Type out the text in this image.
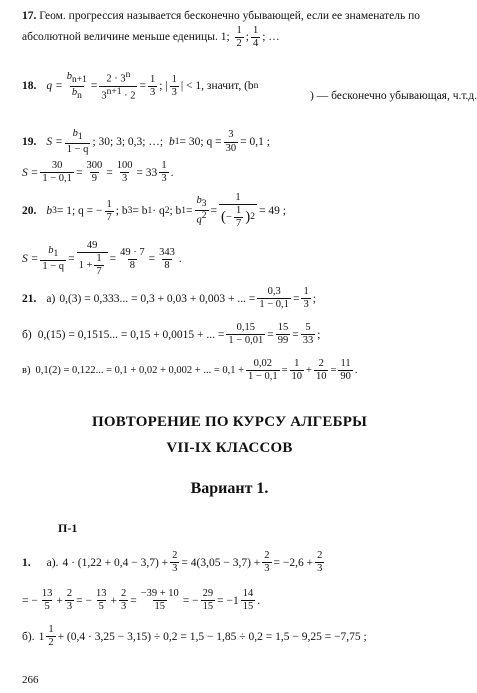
17. Геом. прогрессия называется бесконечно убывающей, если ее знаменатель по абсолютной величине меньше еденицы. 1; $\frac{1}{2}$ ; $\frac{1}{4}$ ; …
18. $q = \frac{b_{n+1}}{b_n} = \frac{2 \cdot 3^n}{3^{n+1} \cdot 2} = \frac{1}{3}$ ; | $\frac{1}{3}$ | < 1, значит, (b n
) — бесконечно убывающая, ч.т.д.
19. $S = \frac{b_1}{1 - q}$ ; 30; 3; 0,3; …; b 1 = 30; $q = \frac{3}{30} = 0,1$ ;
$S = \frac{30}{1 - 0,1} = \frac{300}{9} = \frac{100}{3} = 33 \frac{1}{3}$ .
20. b 3 = 1; q = − $\frac{1}{7}$ ; b 3 = b 1 · q 2 ; b $1 = \frac{b_3}{q^2} = \frac{1}{( - \frac{1}{7} ) 2} = 49$ ;
$S = \frac{b_1}{1 - q} = \frac{49}{1 + \frac{1}{7}} = \frac{49 \cdot 7}{8} = \frac{343}{8}$ .
21. а) 0,(3) = 0,333... = 0,3 + 0,03 + 0,003 + ... = $\frac{0,3}{1 - 0,1} = \frac{1}{3}$ ;
б) 0,(15) = 0,1515... = 0,15 + 0,0015 + ... = $\frac{0,15}{1 - 0,01} = \frac{15}{99} = \frac{5}{33}$ ;
в) 0,1(2) = 0,122... = 0,1 + 0,02 + 0,002 + ... = $0,1 + \frac{0,02}{1 - 0,1} = \frac{1}{10} + \frac{2}{10} = \frac{11}{90}$ .
ПОВТОРЕНИЕ ПО КУРСУ АЛГЕБРЫ
VII-IX КЛАССОВ
Вариант 1.
П-1
1. а). $4 \cdot (1,22 + 0,4 - 3,7) + \frac{2}{3} = 4(3,05 - 3,7) + \frac{2}{3} = -2,6 + \frac{2}{3}$
= − $\frac{13}{5} + \frac{2}{3}$ = − $\frac{13}{5} + \frac{2}{3} = \frac{-39 + 10}{15}$ = − $\frac{29}{15} = -1 \frac{14}{15}$ .
б). $1 \frac{1}{2} + (0,4 \cdot 3,25 - 3,15) \div 0,2 = 1,5 - 1,85 \div 0,2 = 1,5 - 9,25 = -7,75$ ;
266
